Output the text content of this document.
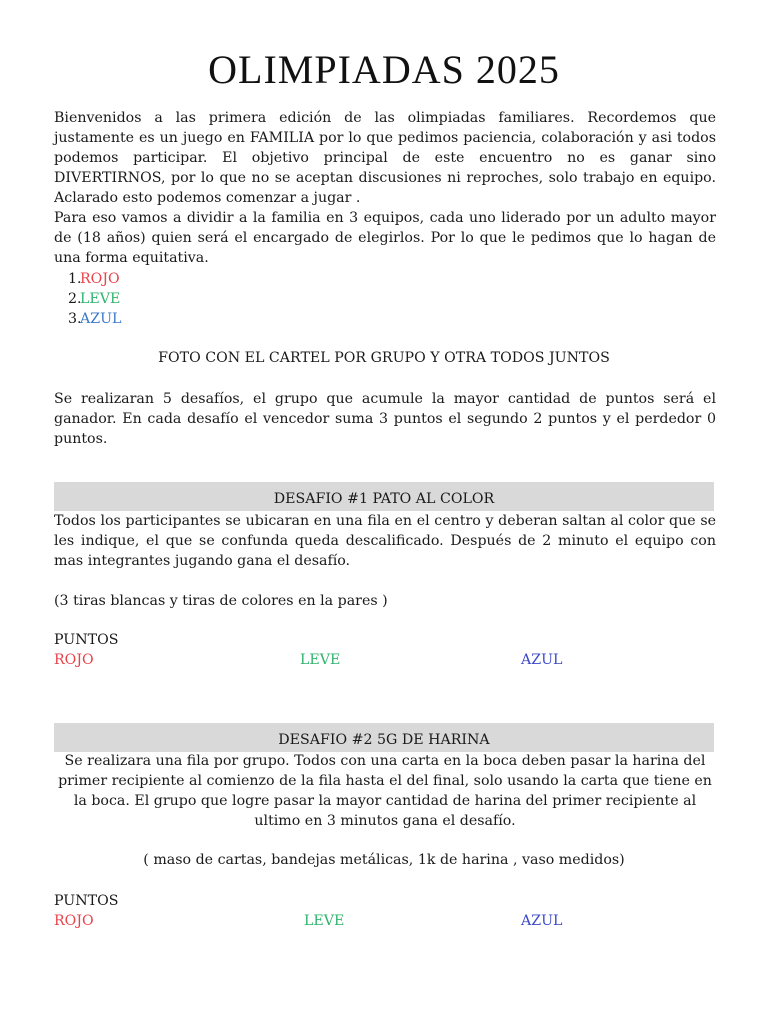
OLIMPIADAS 2025

Bienvenidos a las primera edición de las olimpiadas familiares. Recordemos que justamente es un juego en FAMILIA por lo que pedimos paciencia, colaboración y asi todos podemos participar. El objetivo principal de este encuentro no es ganar sino DIVERTIRNOS, por lo que no se aceptan discusiones ni reproches, solo trabajo en equipo. Aclarado esto podemos comenzar a jugar .

Para eso vamos a dividir a la familia en 3 equipos, cada uno liderado por un adulto mayor de (18 años) quien será el encargado de elegirlos. Por lo que le pedimos que lo hagan de una forma equitativa.

1.ROJO
2.LEVE
3.AZUL
FOTO CON EL CARTEL POR GRUPO Y OTRA TODOS JUNTOS

Se realizaran 5 desafíos, el grupo que acumule la mayor cantidad de puntos será el ganador. En cada desafío el vencedor suma 3 puntos el segundo 2 puntos y el perdedor 0 puntos.

DESAFIO #1 PATO AL COLOR

Todos los participantes se ubicaran en una fila en el centro y deberan saltan al color que se les indique, el que se confunda queda descalificado. Después de 2 minuto el equipo con mas integrantes jugando gana el desafío.

(3 tiras blancas y tiras de colores en la pares )
PUNTOS
ROJO	LEVE	AZUL
DESAFIO #2 5G DE HARINA
Se realizara una fila por grupo. Todos con una carta en la boca deben pasar la harina del primer recipiente al comienzo de la fila hasta el del final, solo usando la carta que tiene en la boca. El grupo que logre pasar la mayor cantidad de harina del primer recipiente al ultimo en 3 minutos gana el desafío.
( maso de cartas, bandejas metálicas, 1k de harina , vaso medidos)
PUNTOS
ROJO	LEVE	AZUL
